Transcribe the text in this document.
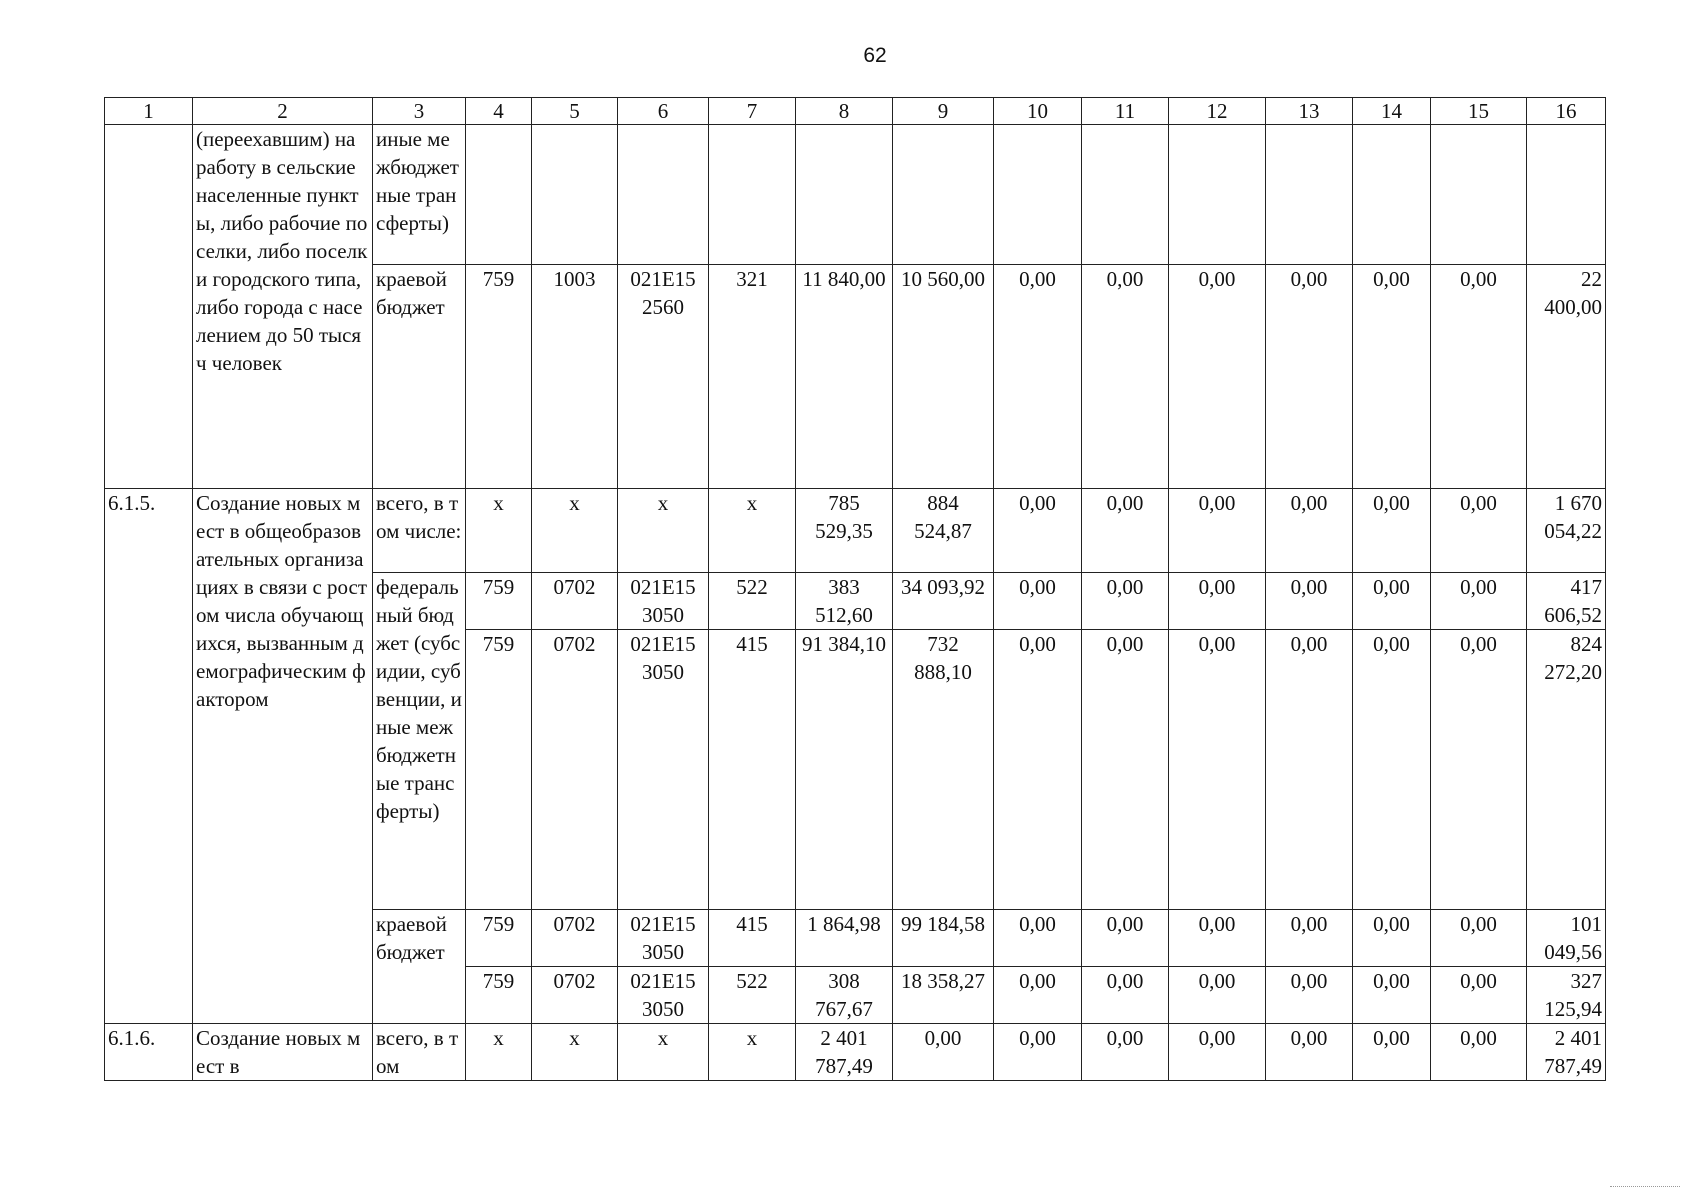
62
1	2	3	4	5	6	7	8	9	10	11	12	13	14	15	16
	(переехавшим) на работу в сельские населенные пункты, либо рабочие поселки, либо поселки городского типа, либо города с населением до 50 тысяч человек	иные межбюджетные трансферты)													
		краевой бюджет	759	1003	021E15 2560	321	11 840,00	10 560,00	0,00	0,00	0,00	0,00	0,00	0,00	22 400,00
6.1.5.	Создание новых мест в общеобразовательных организациях в связи с ростом числа обучающихся, вызванным демографическим фактором	всего, в том числе:	x	x	x	x	785 529,35	884 524,87	0,00	0,00	0,00	0,00	0,00	0,00	1 670 054,22
		федеральный бюджет (субсидии, субвенции, иные межбюджетные трансферты)	759	0702	021E15 3050	522	383 512,60	34 093,92	0,00	0,00	0,00	0,00	0,00	0,00	417 606,52
			759	0702	021E15 3050	415	91 384,10	732 888,10	0,00	0,00	0,00	0,00	0,00	0,00	824 272,20
		краевой бюджет	759	0702	021E15 3050	415	1 864,98	99 184,58	0,00	0,00	0,00	0,00	0,00	0,00	101 049,56
			759	0702	021E15 3050	522	308 767,67	18 358,27	0,00	0,00	0,00	0,00	0,00	0,00	327 125,94
6.1.6.	Создание новых мест в	всего, в том	x	x	x	x	2 401 787,49	0,00	0,00	0,00	0,00	0,00	0,00	0,00	2 401 787,49
